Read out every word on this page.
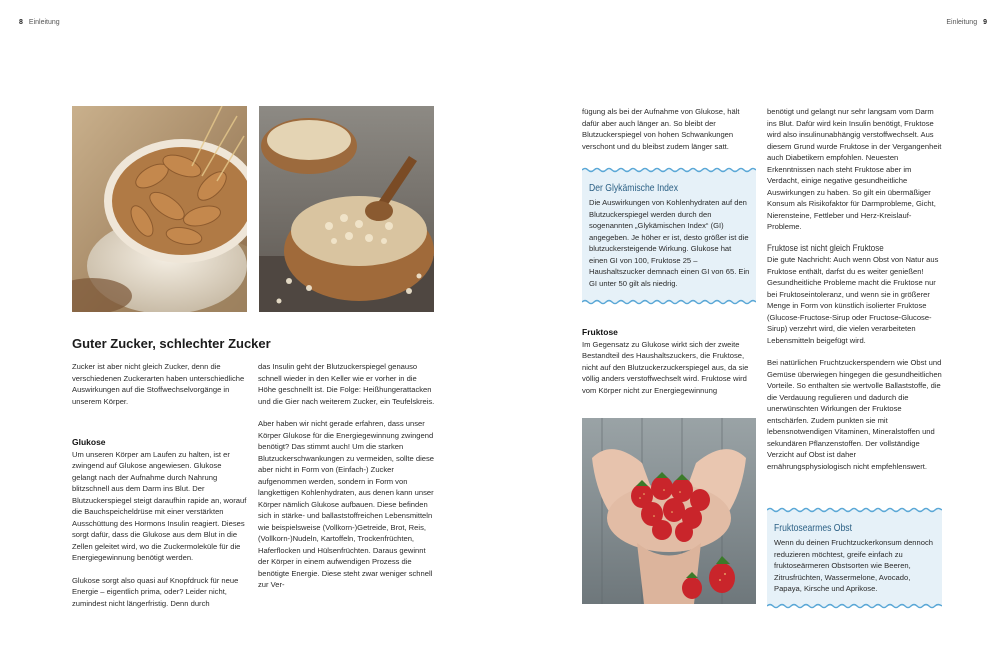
8 Einleitung	Einleitung 9
Guter Zucker, schlechter Zucker

Zucker ist aber nicht gleich Zucker, denn die verschiedenen Zuckerarten haben unterschiedliche Auswirkungen auf die Stoffwechselvorgänge in unserem Körper.

Glukose

Um unseren Körper am Laufen zu halten, ist er zwingend auf Glukose angewiesen. Glukose gelangt nach der Aufnahme durch Nahrung blitzschnell aus dem Darm ins Blut. Der Blutzuckerspiegel steigt daraufhin rapide an, worauf die Bauchspeicheldrüse mit einer verstärkten Ausschüttung des Hormons Insulin reagiert. Dieses sorgt dafür, dass die Glukose aus dem Blut in die Zellen geleitet wird, wo die Zuckermoleküle für die Energiegewinnung benötigt werden.

Glukose sorgt also quasi auf Knopfdruck für neue Energie – eigentlich prima, oder? Leider nicht, zumindest nicht längerfristig. Denn durch

das Insulin geht der Blutzuckerspiegel genauso schnell wieder in den Keller wie er vorher in die Höhe geschnellt ist. Die Folge: Heißhungerattacken und die Gier nach weiterem Zucker, ein Teufelskreis.

Aber haben wir nicht gerade erfahren, dass unser Körper Glukose für die Energiegewinnung zwingend benötigt? Das stimmt auch! Um die starken Blutzuckerschwankungen zu vermeiden, sollte diese aber nicht in Form von (Einfach-) Zucker aufgenommen werden, sondern in Form von langkettigen Kohlenhydraten, aus denen kann unser Körper nämlich Glukose aufbauen. Diese befinden sich in stärke- und ballaststoffreichen Lebensmitteln wie beispielsweise (Vollkorn-)Getreide, Brot, Reis, (Vollkorn-)Nudeln, Kartoffeln, Trockenfrüchten, Haferflocken und Hülsenfrüchten. Daraus gewinnt der Körper in einem aufwendigen Prozess die benötigte Energie. Diese steht zwar weniger schnell zur Ver-

fügung als bei der Aufnahme von Glukose, hält dafür aber auch länger an. So bleibt der Blutzuckerspiegel von hohen Schwankungen verschont und du bleibst zudem länger satt.

Der Glykämische Index
Die Auswirkungen von Kohlenhydraten auf den Blutzuckerspiegel werden durch den sogenannten „Glykämischen Index“ (GI) angegeben. Je höher er ist, desto größer ist die blutzuckersteigende Wirkung. Glukose hat einen GI von 100, Fruktose 25 – Haushaltszucker demnach einen GI von 65. Ein GI unter 50 gilt als niedrig.

Fruktose

Im Gegensatz zu Glukose wirkt sich der zweite Bestandteil des Haushaltszuckers, die Fruktose, nicht auf den Blutzuckerzuckerspiegel aus, da sie völlig anders verstoffwechselt wird. Fruktose wird vom Körper nicht zur Energiegewinnung

benötigt und gelangt nur sehr langsam vom Darm ins Blut. Dafür wird kein Insulin benötigt, Fruktose wird also insulinunabhängig verstoffwechselt. Aus diesem Grund wurde Fruktose in der Vergangenheit auch Diabetikern empfohlen. Neuesten Erkenntnissen nach steht Fruktose aber im Verdacht, einige negative gesundheitliche Auswirkungen zu haben. So gilt ein übermäßiger Konsum als Risikofaktor für Darmprobleme, Gicht, Nierensteine, Fettleber und Herz-Kreislauf-Probleme.

Fruktose ist nicht gleich Fruktose

Die gute Nachricht: Auch wenn Obst von Natur aus Fruktose enthält, darfst du es weiter genießen! Gesundheitliche Probleme macht die Fruktose nur bei Fruktoseintoleranz, und wenn sie in größerer Menge in Form von künstlich isolierter Fruktose (Glucose-Fructose-Sirup oder Fructose-Glucose-Sirup) verzehrt wird, die vielen verarbeiteten Lebensmitteln beigefügt wird.

Bei natürlichen Fruchtzuckerspendern wie Obst und Gemüse überwiegen hingegen die gesundheitlichen Vorteile. So enthalten sie wertvolle Ballaststoffe, die die Verdauung regulieren und dadurch die unerwünschten Wirkungen der Fruktose entschärfen. Zudem punkten sie mit lebensnotwendigen Vitaminen, Mineralstoffen und sekundären Pflanzenstoffen. Der vollständige Verzicht auf Obst ist daher ernährungsphysiologisch nicht empfehlenswert.

Fruktosearmes Obst
Wenn du deinen Fruchtzuckerkonsum dennoch reduzieren möchtest, greife einfach zu fruktoseärmeren Obstsorten wie Beeren, Zitrusfrüchten, Wassermelone, Avocado, Papaya, Kirsche und Aprikose.
